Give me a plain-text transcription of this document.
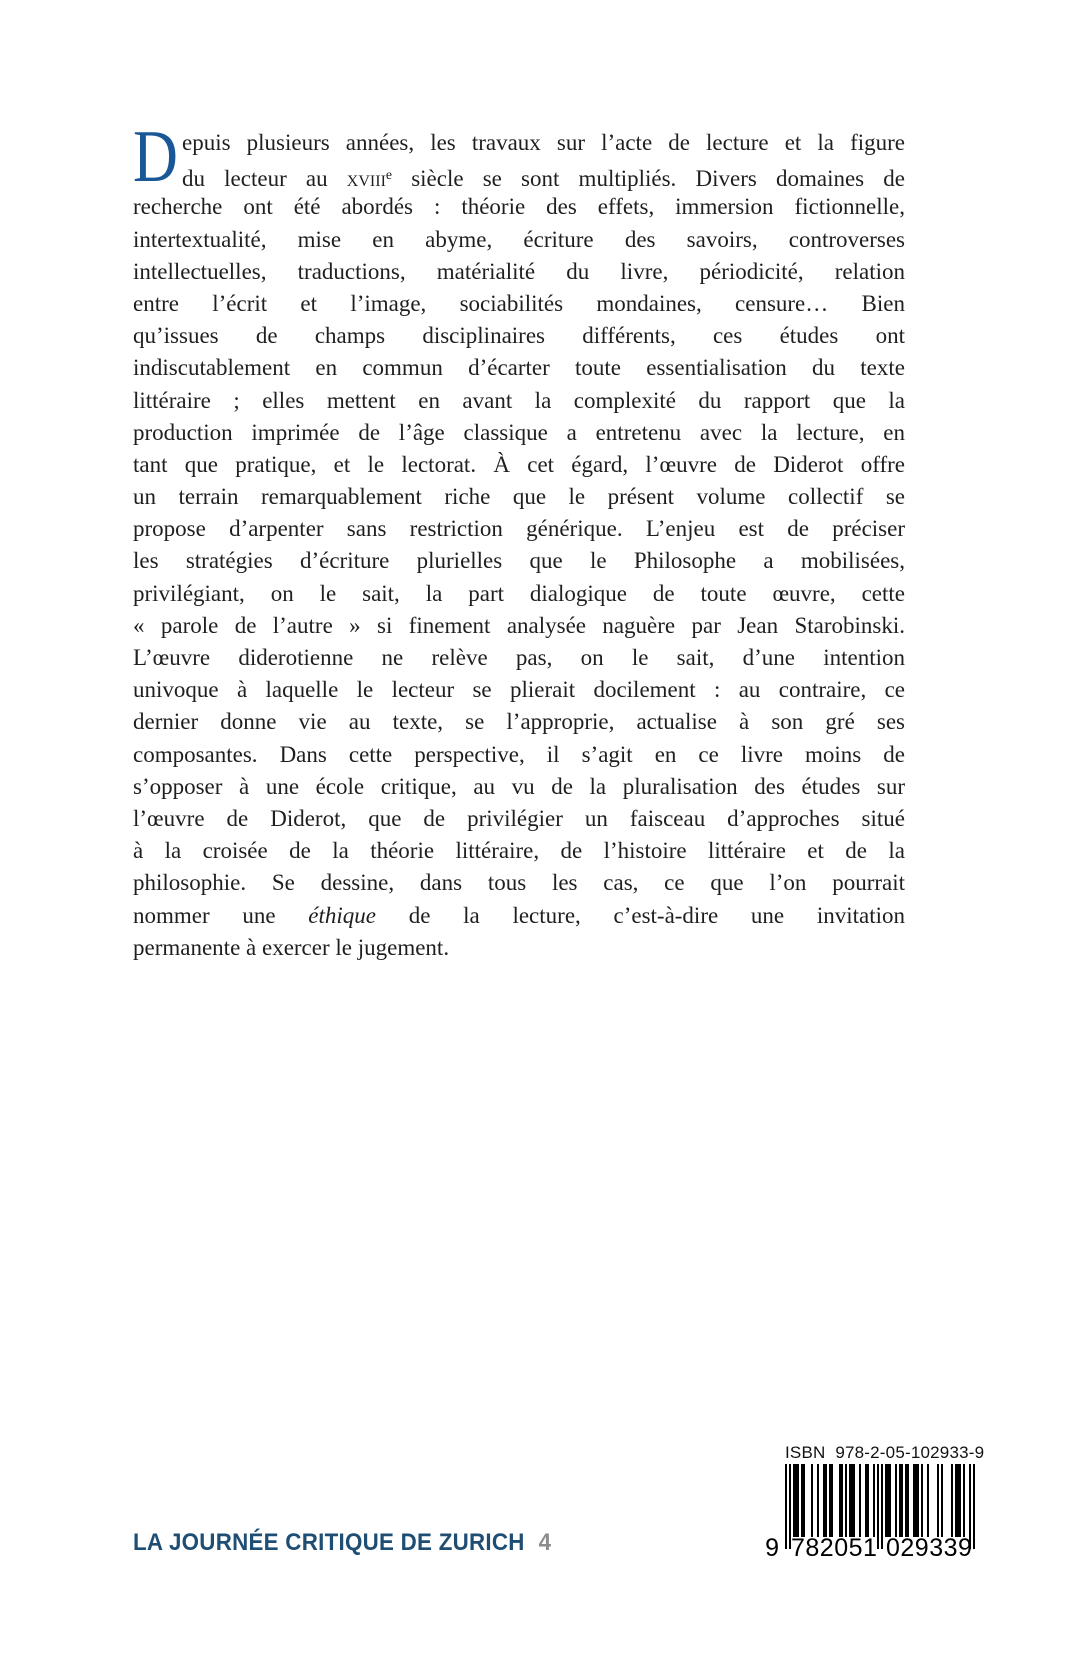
D epuis plusieurs années, les travaux sur l’acte de lecture et la figure
du lecteur au xviii$^e$ siècle se sont multipliés. Divers domaines de
recherche ont été abordés : théorie des effets, immersion fictionnelle,
intertextualité, mise en abyme, écriture des savoirs, controverses
intellectuelles, traductions, matérialité du livre, périodicité, relation
entre l’écrit et l’image, sociabilités mondaines, censure… Bien
qu’issues de champs disciplinaires différents, ces études ont
indiscutablement en commun d’écarter toute essentialisation du texte
littéraire ; elles mettent en avant la complexité du rapport que la
production imprimée de l’âge classique a entretenu avec la lecture, en
tant que pratique, et le lectorat. À cet égard, l’œuvre de Diderot offre
un terrain remarquablement riche que le présent volume collectif se
propose d’arpenter sans restriction générique. L’enjeu est de préciser
les stratégies d’écriture plurielles que le Philosophe a mobilisées,
privilégiant, on le sait, la part dialogique de toute œuvre, cette
« parole de l’autre » si finement analysée naguère par Jean Starobinski.
L’œuvre diderotienne ne relève pas, on le sait, d’une intention
univoque à laquelle le lecteur se plierait docilement : au contraire, ce
dernier donne vie au texte, se l’approprie, actualise à son gré ses
composantes. Dans cette perspective, il s’agit en ce livre moins de
s’opposer à une école critique, au vu de la pluralisation des études sur
l’œuvre de Diderot, que de privilégier un faisceau d’approches situé
à la croisée de la théorie littéraire, de l’histoire littéraire et de la
philosophie. Se dessine, dans tous les cas, ce que l’on pourrait
nommer une éthique de la lecture, c’est-à-dire une invitation
permanente à exercer le jugement.
LA JOURNÉE CRITIQUE DE ZURICH 4
ISBN  978-2-05-102933-9
9 782051 029339
